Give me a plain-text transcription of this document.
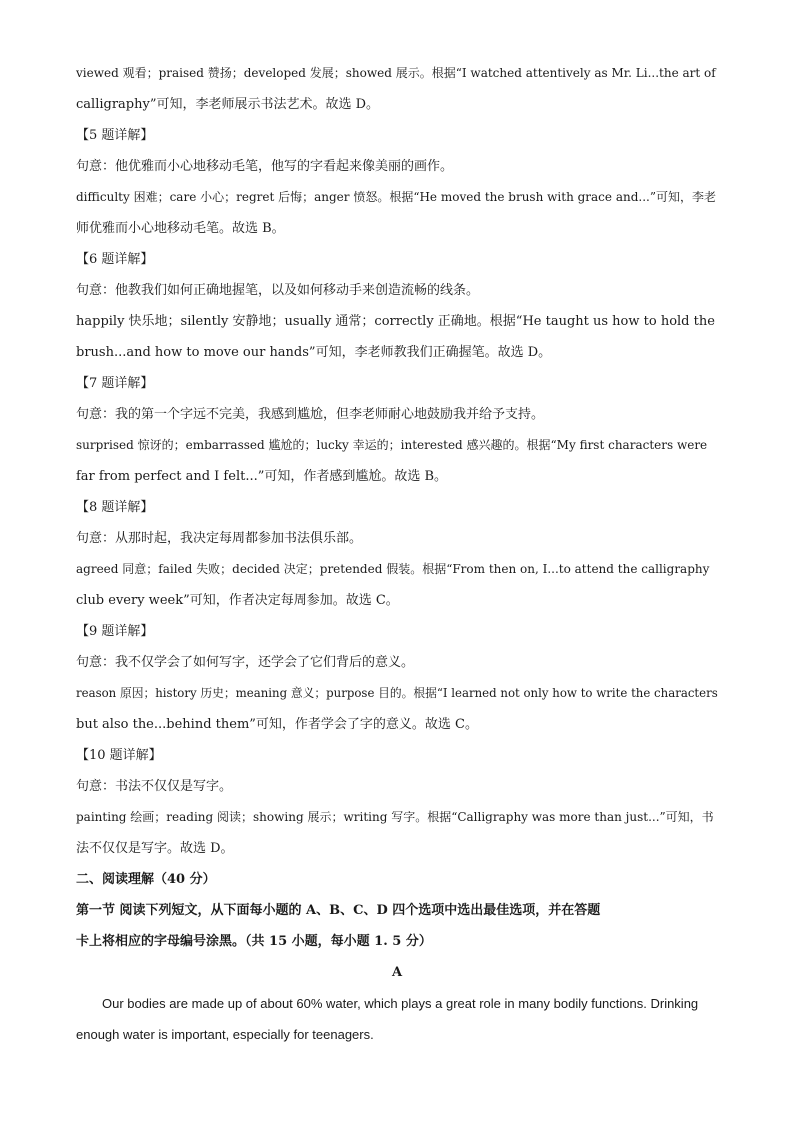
viewed 观看；praised 赞扬；developed 发展；showed 展示。根据“I watched attentively as Mr. Li...the art of
calligraphy”可知，李老师展示书法艺术。故选 D。
【5 题详解】
句意：他优雅而小心地移动毛笔，他写的字看起来像美丽的画作。
difficulty 困难；care 小心；regret 后悔；anger 愤怒。根据“He moved the brush with grace and...”可知，李老
师优雅而小心地移动毛笔。故选 B。
【6 题详解】
句意：他教我们如何正确地握笔，以及如何移动手来创造流畅的线条。
happily 快乐地；silently 安静地；usually 通常；correctly 正确地。根据“He taught us how to hold the
brush...and how to move our hands”可知，李老师教我们正确握笔。故选 D。
【7 题详解】
句意：我的第一个字远不完美，我感到尴尬，但李老师耐心地鼓励我并给予支持。
surprised 惊讶的；embarrassed 尴尬的；lucky 幸运的；interested 感兴趣的。根据“My first characters were
far from perfect and I felt...”可知，作者感到尴尬。故选 B。
【8 题详解】
句意：从那时起，我决定每周都参加书法俱乐部。
agreed 同意；failed 失败；decided 决定；pretended 假装。根据“From then on, I...to attend the calligraphy
club every week”可知，作者决定每周参加。故选 C。
【9 题详解】
句意：我不仅学会了如何写字，还学会了它们背后的意义。
reason 原因；history 历史；meaning 意义；purpose 目的。根据“I learned not only how to write the characters
but also the...behind them”可知，作者学会了字的意义。故选 C。
【10 题详解】
句意：书法不仅仅是写字。
painting 绘画；reading 阅读；showing 展示；writing 写字。根据“Calligraphy was more than just...”可知，书
法不仅仅是写字。故选 D。
二、阅读理解（40 分）
第一节 阅读下列短文，从下面每小题的 A、B、C、D 四个选项中选出最佳选项，并在答题
卡上将相应的字母编号涂黑。（共 15 小题，每小题 1. 5 分）
A
Our bodies are made up of about 60% water, which plays a great role in many bodily functions. Drinking
enough water is important, especially for teenagers.
